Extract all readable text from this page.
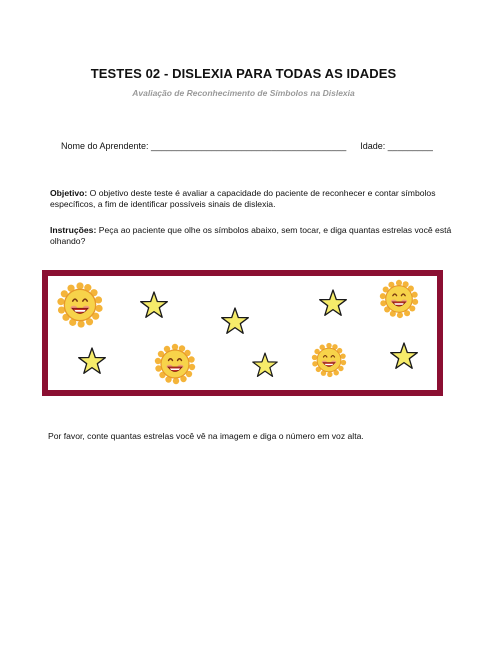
TESTES 02 - DISLEXIA PARA TODAS AS IDADES
Avaliação de Reconhecimento de Símbolos na Dislexia
Nome do Aprendente: _______________________________________ Idade: _________
Objetivo: O objetivo deste teste é avaliar a capacidade do paciente de reconhecer e contar símbolos específicos, a fim de identificar possíveis sinais de dislexia.
Instruções: Peça ao paciente que olhe os símbolos abaixo, sem tocar, e diga quantas estrelas você está olhando?
Por favor, conte quantas estrelas você vê na imagem e diga o número em voz alta.
